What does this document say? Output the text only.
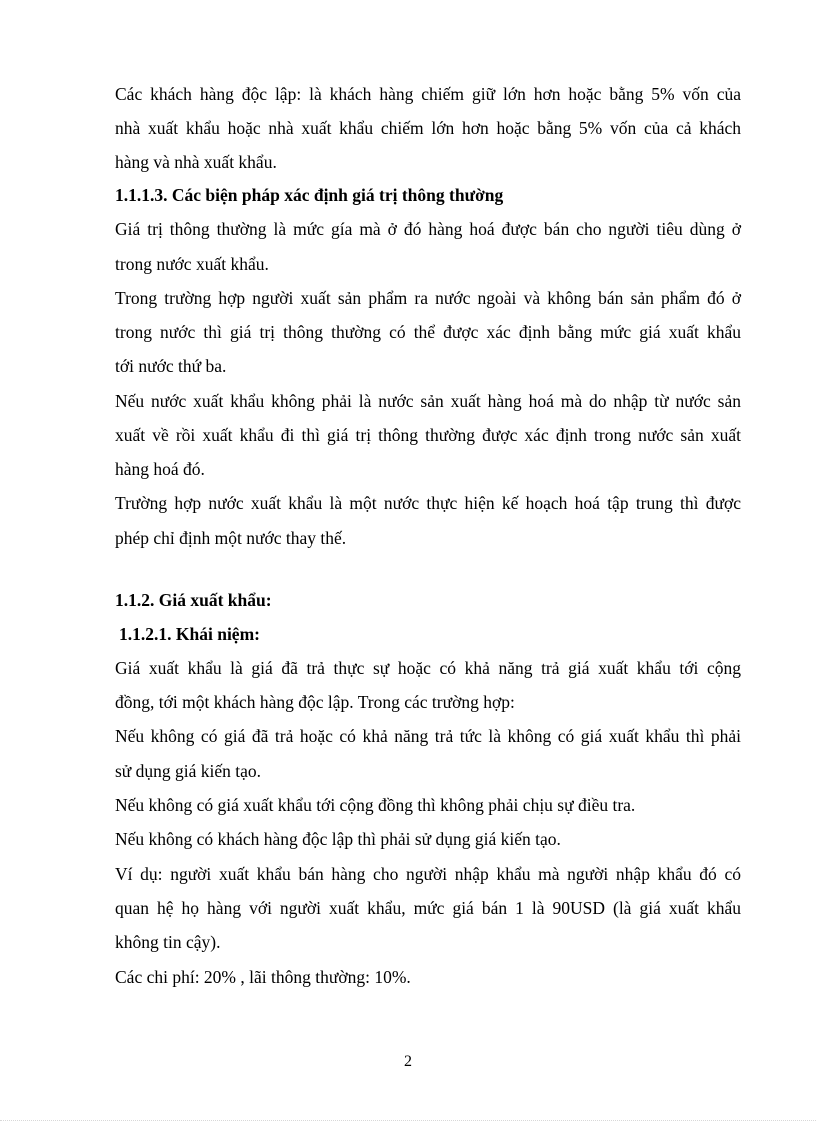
Các khách hàng độc lập: là khách hàng chiếm giữ lớn hơn hoặc bằng 5% vốn của
nhà xuất khẩu hoặc nhà xuất khẩu chiếm lớn hơn hoặc bằng 5% vốn của cả khách
hàng và nhà xuất khẩu.
1.1.1.3. Các biện pháp xác định giá trị thông thường
Giá trị thông thường là mức gía mà ở đó hàng hoá được bán cho người tiêu dùng ở
trong nước xuất khẩu.
Trong trường hợp người xuất sản phẩm ra nước ngoài và không bán sản phẩm đó ở
trong nước thì giá trị thông thường có thể được xác định bằng mức giá xuất khẩu
tới nước thứ ba.
Nếu nước xuất khẩu không phải là nước sản xuất hàng hoá mà do nhập từ nước sản
xuất về rồi xuất khẩu đi thì giá trị thông thường được xác định trong nước sản xuất
hàng hoá đó.
Trường hợp nước xuất khẩu là một nước thực hiện kế hoạch hoá tập trung thì được
phép chỉ định một nước thay thế.
1.1.2. Giá xuất khẩu:
1.1.2.1. Khái niệm:
Giá xuất khẩu là giá đã trả thực sự hoặc có khả năng trả giá xuất khẩu tới cộng
đồng, tới một khách hàng độc lập. Trong các trường hợp:
Nếu không có giá đã trả hoặc có khả năng trả tức là không có giá xuất khẩu thì phải
sử dụng giá kiến tạo.
Nếu không có giá xuất khẩu tới cộng đồng thì không phải chịu sự điều tra.
Nếu không có khách hàng độc lập thì phải sử dụng giá kiến tạo.
Ví dụ: người xuất khẩu bán hàng cho người nhập khẩu mà người nhập khẩu đó có
quan hệ họ hàng với người xuất khẩu, mức giá bán 1 là 90USD (là giá xuất khẩu
không tin cậy).
Các chi phí: 20% , lãi thông thường: 10%.
2
